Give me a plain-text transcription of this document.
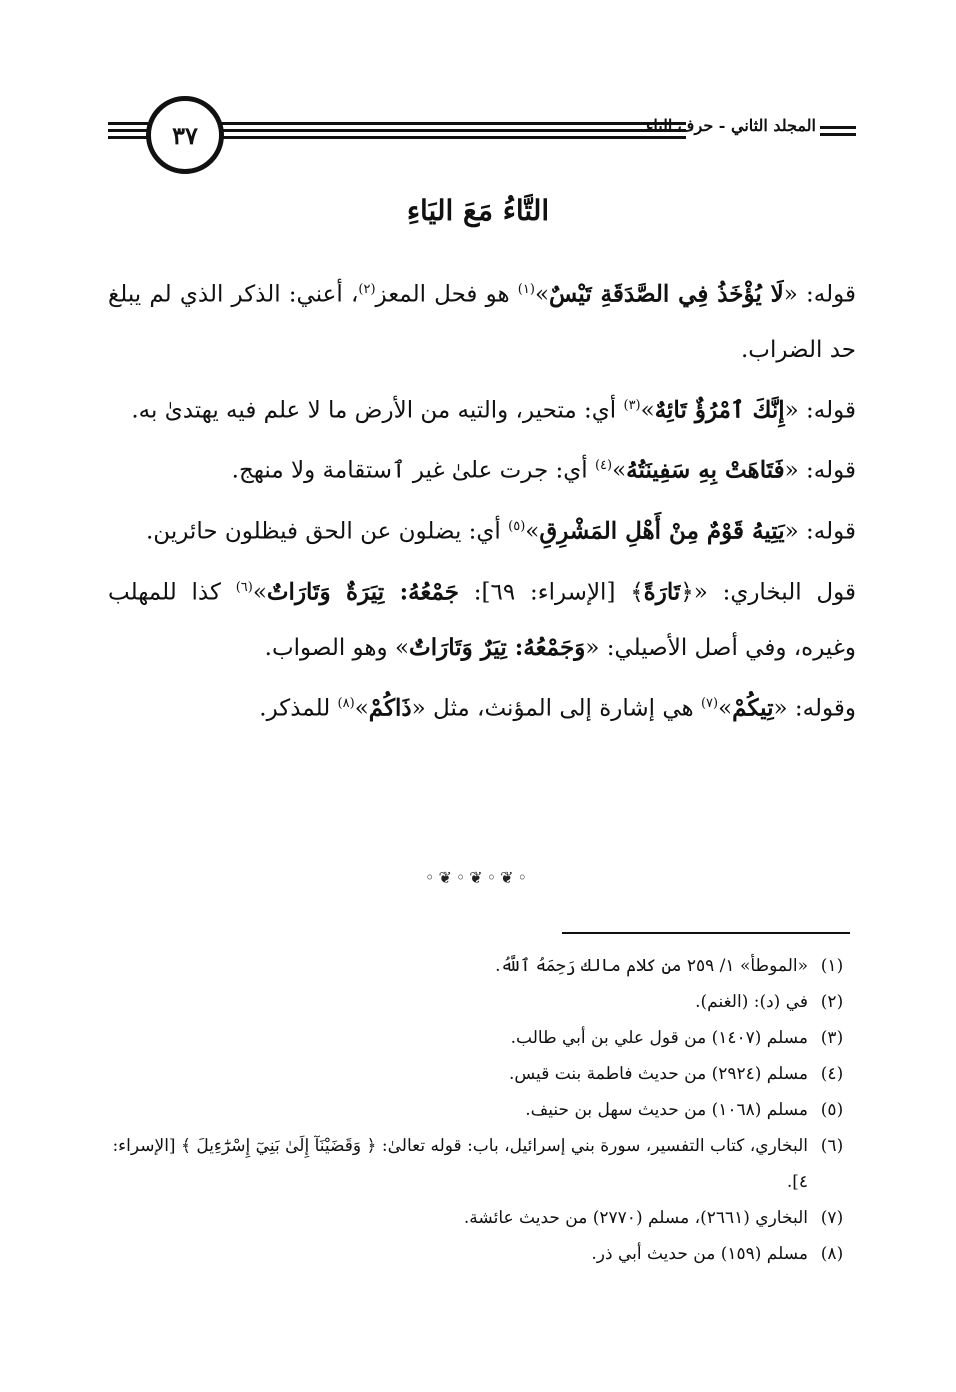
٣٧	المجلد الثاني - حرف التاء
التَّاءُ مَعَ اليَاءِ

قوله: «لَا يُؤْخَذُ فِي الصَّدَقَةِ تَيْسٌ»$^{(١)}$ هو فحل المعز$^{(٢)}$، أعني: الذكر الذي لم يبلغ حد الضراب.

قوله: «إِنَّكَ ٱمْرُؤٌ تَائِهٌ»$^{(٣)}$ أي: متحير، والتيه من الأرض ما لا علم فيه يهتدىٰ به.

قوله: «فَتَاهَتْ بِهِ سَفِينَتُهُ»$^{(٤)}$ أي: جرت علىٰ غير ٱستقامة ولا منهج.

قوله: «يَتِيهُ قَوْمٌ مِنْ أَهْلِ المَشْرِقِ»$^{(٥)}$ أي: يضلون عن الحق فيظلون حائرين.

قول البخاري: «﴿تَارَةً﴾ [الإسراء: ٦٩]: جَمْعُهُ: تِيَرَةٌ وَتَارَاتٌ»$^{(٦)}$ كذا للمهلب وغيره، وفي أصل الأصيلي: «وَجَمْعُهُ: تِيَرٌ وَتَارَاتٌ» وهو الصواب.

وقوله: «تِيكُمْ»$^{(٧)}$ هي إشارة إلى المؤنث، مثل «ذَاكُمْ»$^{(٨)}$ للمذكر.

◦❦◦❦◦❦◦
(١)
«الموطأ» ١/ ٢٥٩ من كلام مالك رَحِمَهُ ٱللَّهُ.
(٢)
في (د): (الغنم).
(٣)
مسلم (١٤٠٧) من قول علي بن أبي طالب.
(٤)
مسلم (٢٩٢٤) من حديث فاطمة بنت قيس.
(٥)
مسلم (١٠٦٨) من حديث سهل بن حنيف.
(٦)
البخاري، كتاب التفسير، سورة بني إسرائيل، باب: قوله تعالىٰ: ﴿ وَقَضَيْنَآ إِلَىٰ بَنِيٓ إِسْرَٰٓءِيلَ ﴾ [الإسراء: ٤].
(٧)
البخاري (٢٦٦١)، مسلم (٢٧٧٠) من حديث عائشة.
(٨)
مسلم (١٥٩) من حديث أبي ذر.
